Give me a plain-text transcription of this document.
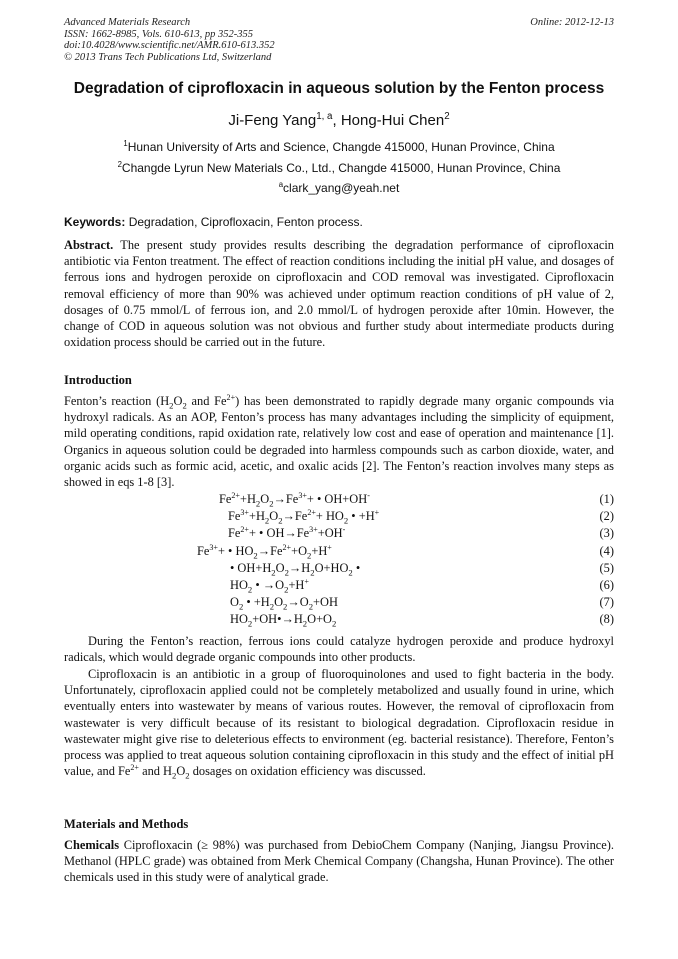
Advanced Materials Research
ISSN: 1662-8985, Vols. 610-613, pp 352-355
doi:10.4028/www.scientific.net/AMR.610-613.352
© 2013 Trans Tech Publications Ltd, Switzerland
Online: 2012-12-13
Degradation of ciprofloxacin in aqueous solution by the Fenton process
Ji-Feng Yang$^{1, a}$, Hong-Hui Chen$^2$
$^1$Hunan University of Arts and Science, Changde 415000, Hunan Province, China
$^2$Changde Lyrun New Materials Co., Ltd., Changde 415000, Hunan Province, China
$^a$clark_yang@yeah.net
Keywords: Degradation, Ciprofloxacin, Fenton process.
Abstract. The present study provides results describing the degradation performance of ciprofloxacin antibiotic via Fenton treatment. The effect of reaction conditions including the initial pH value, and dosages of ferrous ions and hydrogen peroxide on ciprofloxacin and COD removal was investigated. Ciprofloxacin removal efficiency of more than 90% was achieved under optimum reaction conditions of pH value of 2, dosages of 0.75 mmol/L of ferrous ion, and 2.0 mmol/L of hydrogen peroxide after 10min. However, the change of COD in aqueous solution was not obvious and further study about intermediate products during oxidation process should be carried out in the future.
Introduction
Fenton’s reaction ($H_2O_2$ and $Fe^{2+}$) has been demonstrated to rapidly degrade many organic compounds via hydroxyl radicals. As an AOP, Fenton’s process has many advantages including the simplicity of equipment, mild operating conditions, rapid oxidation rate, relatively low cost and ease of operation and maintenance [1]. Organics in aqueous solution could be degraded into harmless compounds such as carbon dioxide, water, and organic acids such as formic acid, acetic, and oxalic acids [2]. The Fenton’s reaction involves many steps as showed in eqs 1-8 [3].
$Fe^{2+}+H_2O_2\to Fe^{3+}+$ • OH+OH-	(1)
$Fe^{3+}+H_2O_2\to Fe^{2+}+ HO_2$ • +H+	(2)
$Fe^{2+}+$ • $OH\to Fe^{3+}+OH^-$	(3)
$Fe^{3+}+$ • $HO_2\to Fe^{2+}+O_2+H^+$	(4)
• $OH+H_2O_2\to H_2O+HO_2$ •	(5)
$HO_2$ • $\to O_2+H^+$	(6)
$O_2$ • $+H_2O_2\to O_2+OH$	(7)
$HO_2+OH•\to H_2O+O_2$	(8)
During the Fenton’s reaction, ferrous ions could catalyze hydrogen peroxide and produce hydroxyl radicals, which would degrade organic compounds into other products.
Ciprofloxacin is an antibiotic in a group of fluoroquinolones and used to fight bacteria in the body. Unfortunately, ciprofloxacin applied could not be completely metabolized and usually found in urine, which eventually enters into wastewater by means of various routes. However, the removal of ciprofloxacin from wastewater is very difficult because of its resistant to biological degradation. Ciprofloxacin residue in wastewater might give rise to deleterious effects to environment (eg. bacterial resistance). Therefore, Fenton’s process was applied to treat aqueous solution containing ciprofloxacin in this study and the effect of initial pH value, and $Fe^{2+}$ and $H_2O_2$ dosages on oxidation efficiency was discussed.
Materials and Methods
Chemicals Ciprofloxacin (≥ 98%) was purchased from DebioChem Company (Nanjing, Jiangsu Province). Methanol (HPLC grade) was obtained from Merk Chemical Company (Changsha, Hunan Province). The other chemicals used in this study were of analytical grade.
